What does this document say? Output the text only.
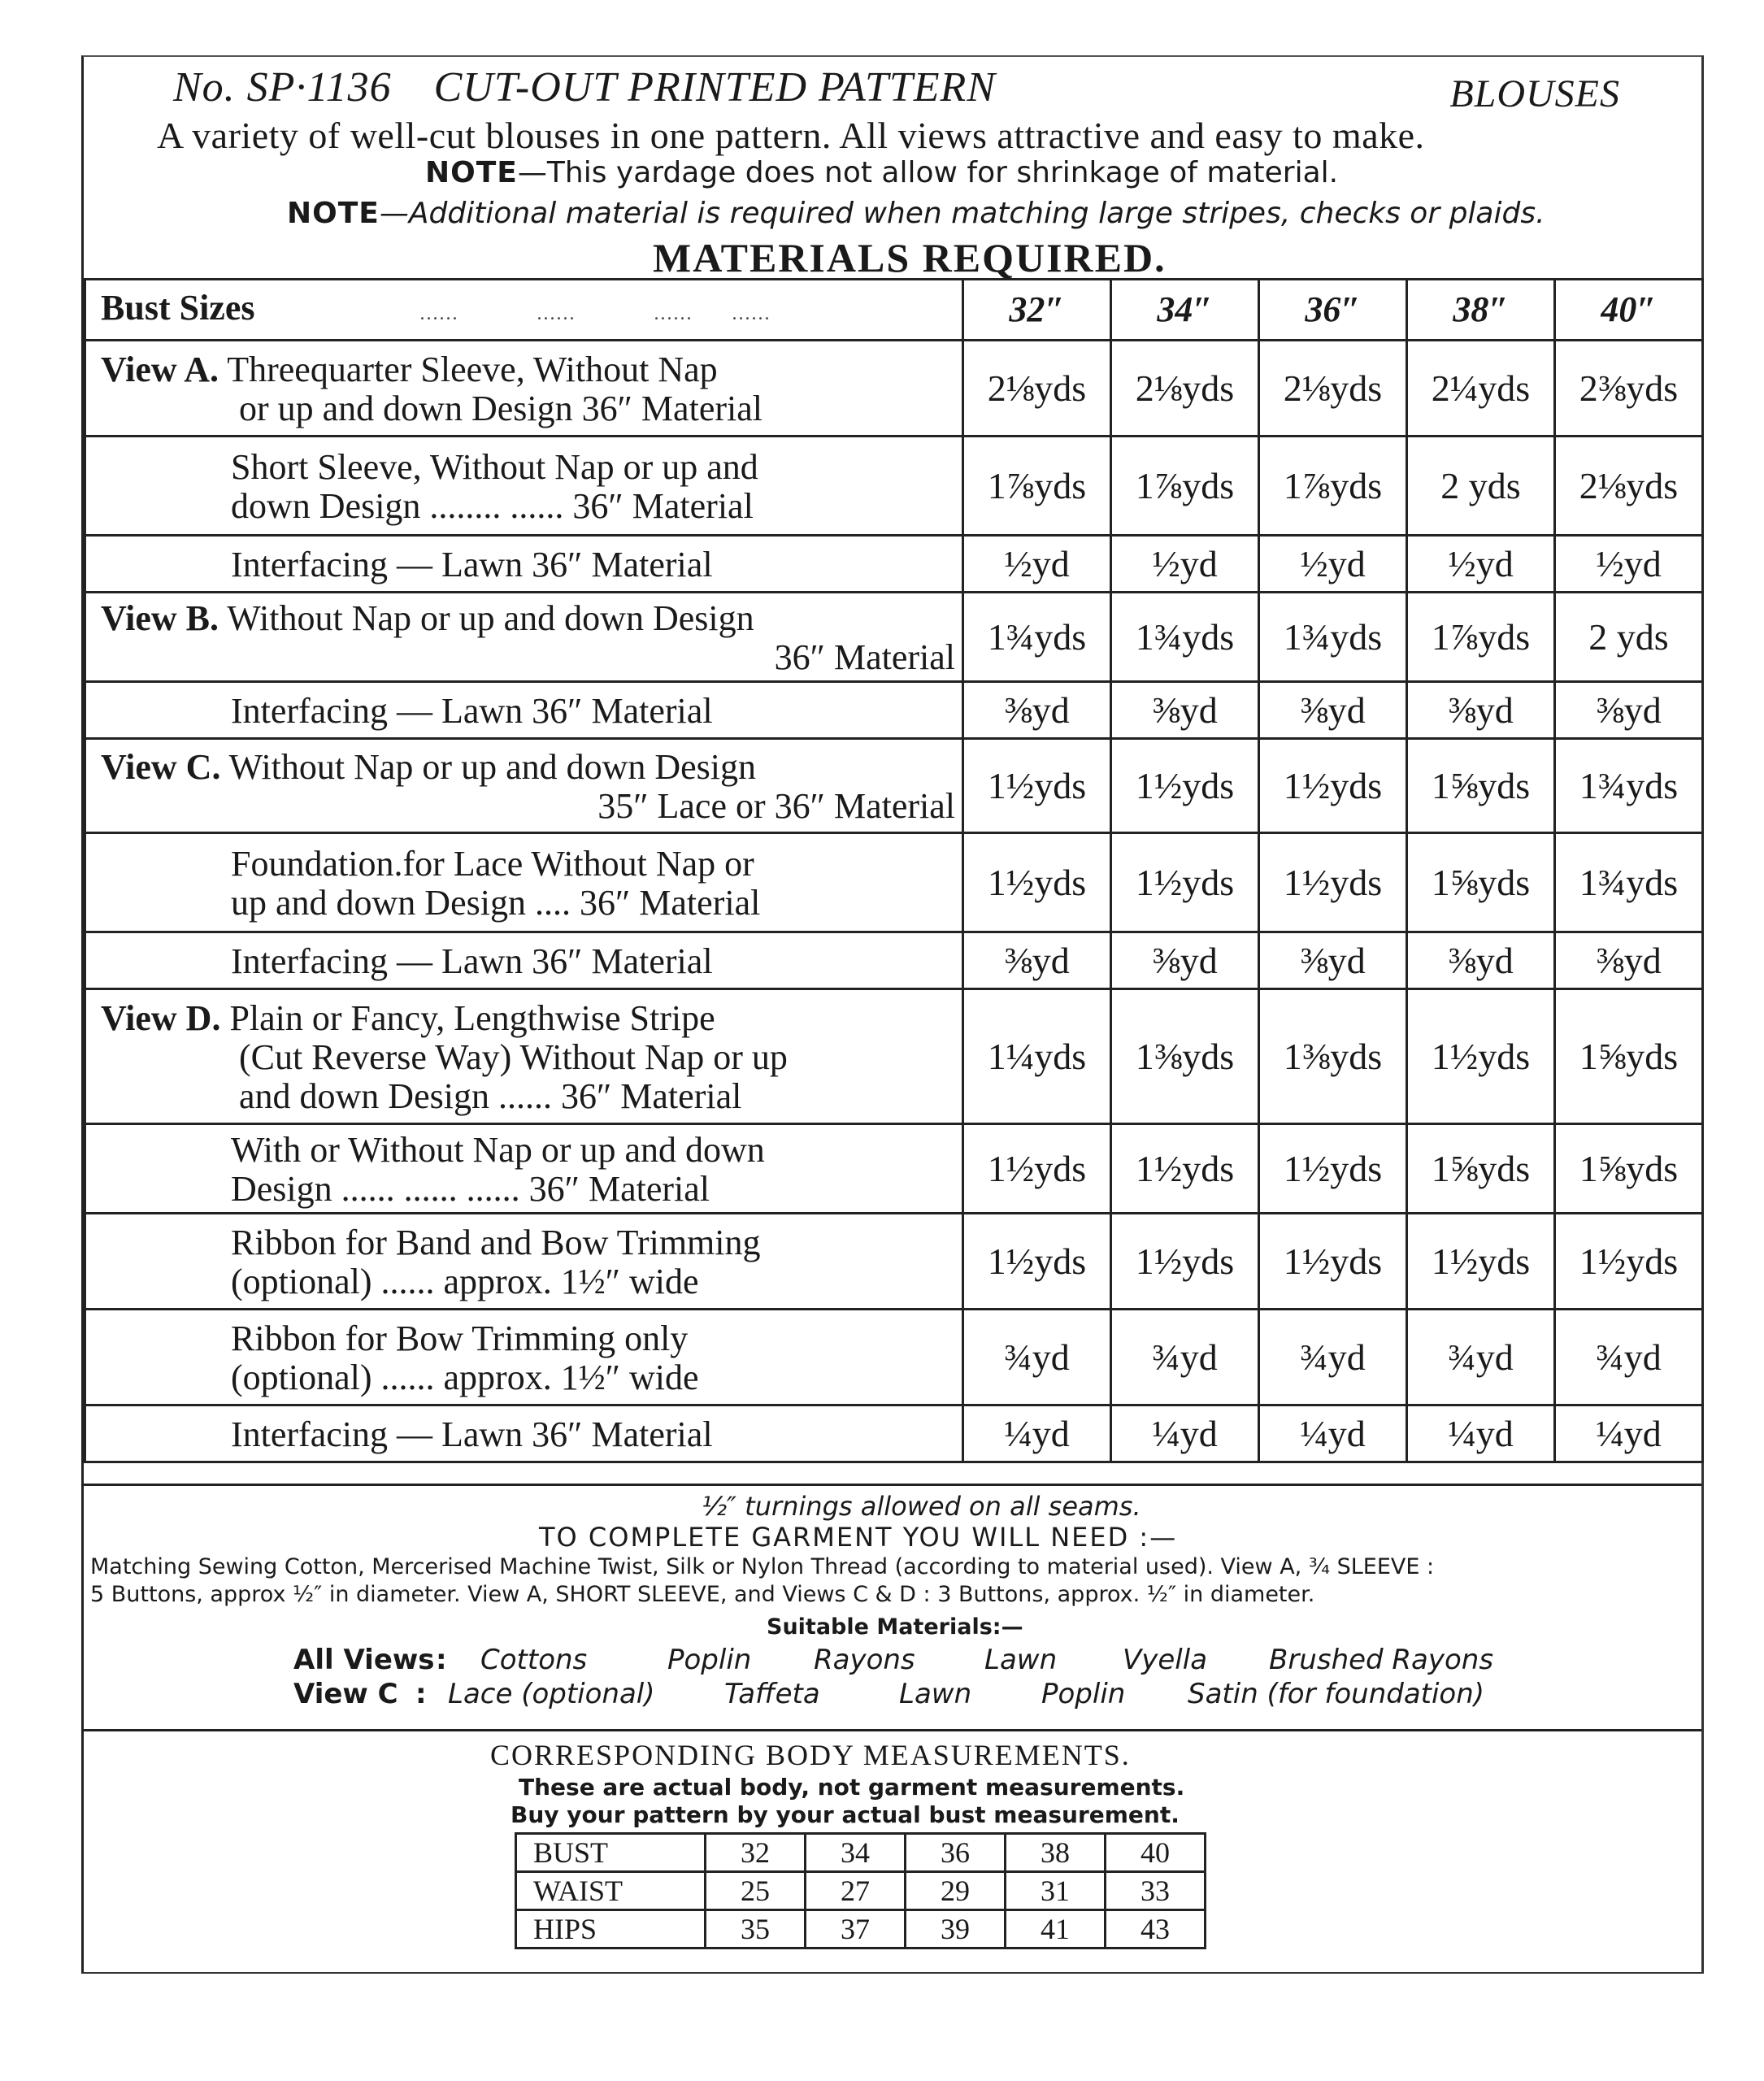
No. SP·1136 CUT-OUT PRINTED PATTERN	BLOUSES
A variety of well-cut blouses in one pattern. All views attractive and easy to make.
NOTE—This yardage does not allow for shrinkage of material.
NOTE—Additional material is required when matching large stripes, checks or plaids.
MATERIALS REQUIRED.
Bust Sizes                         ......            ......            ......      ......	32″	34″	36″	38″	40″

View A. Threequarter Sleeve, Without Nap
or up and down Design 36″ Material	2⅛yds	2⅛yds	2⅛yds	2¼yds	2⅜yds

Short Sleeve, Without Nap or up and
down Design ........ ...... 36″ Material	1⅞yds	1⅞yds	1⅞yds	2 yds	2⅛yds

Interfacing — Lawn 36″ Material	½yd	½yd	½yd	½yd	½yd

View B. Without Nap or up and down Design
36″ Material	1¾yds	1¾yds	1¾yds	1⅞yds	2 yds

Interfacing — Lawn 36″ Material	⅜yd	⅜yd	⅜yd	⅜yd	⅜yd

View C. Without Nap or up and down Design
35″ Lace or 36″ Material	1½yds	1½yds	1½yds	1⅝yds	1¾yds

Foundation.for Lace Without Nap or
up and down Design .... 36″ Material	1½yds	1½yds	1½yds	1⅝yds	1¾yds

Interfacing — Lawn 36″ Material	⅜yd	⅜yd	⅜yd	⅜yd	⅜yd

View D. Plain or Fancy, Lengthwise Stripe
(Cut Reverse Way) Without Nap or up
and down Design ...... 36″ Material	1¼yds	1⅜yds	1⅜yds	1½yds	1⅝yds

With or Without Nap or up and down
Design ...... ...... ...... 36″ Material	1½yds	1½yds	1½yds	1⅝yds	1⅝yds

Ribbon for Band and Bow Trimming
(optional) ...... approx. 1½″ wide	1½yds	1½yds	1½yds	1½yds	1½yds

Ribbon for Bow Trimming only
(optional) ...... approx. 1½″ wide	¾yd	¾yd	¾yd	¾yd	¾yd

Interfacing — Lawn 36″ Material	¼yd	¼yd	¼yd	¼yd	¼yd
½″ turnings allowed on all seams.
TO COMPLETE GARMENT YOU WILL NEED :—
Matching Sewing Cotton, Mercerised Machine Twist, Silk or Nylon Thread (according to material used). View A, ¾ SLEEVE :
5 Buttons, approx ½″ in diameter. View A, SHORT SLEEVE, and Views C & D : 3 Buttons, approx. ½″ in diameter.
Suitable Materials:—
All Views : Cottons	Poplin Rayons	Lawn Vyella Brushed Rayons
View C : Lace (optional)	Taffeta	Lawn	Poplin Satin (for foundation)
CORRESPONDING BODY MEASUREMENTS.
These are actual body, not garment measurements.
Buy your pattern by your actual bust measurement.
BUST	32	34	36	38	40
WAIST	25	27	29	31	33
HIPS	35	37	39	41	43
